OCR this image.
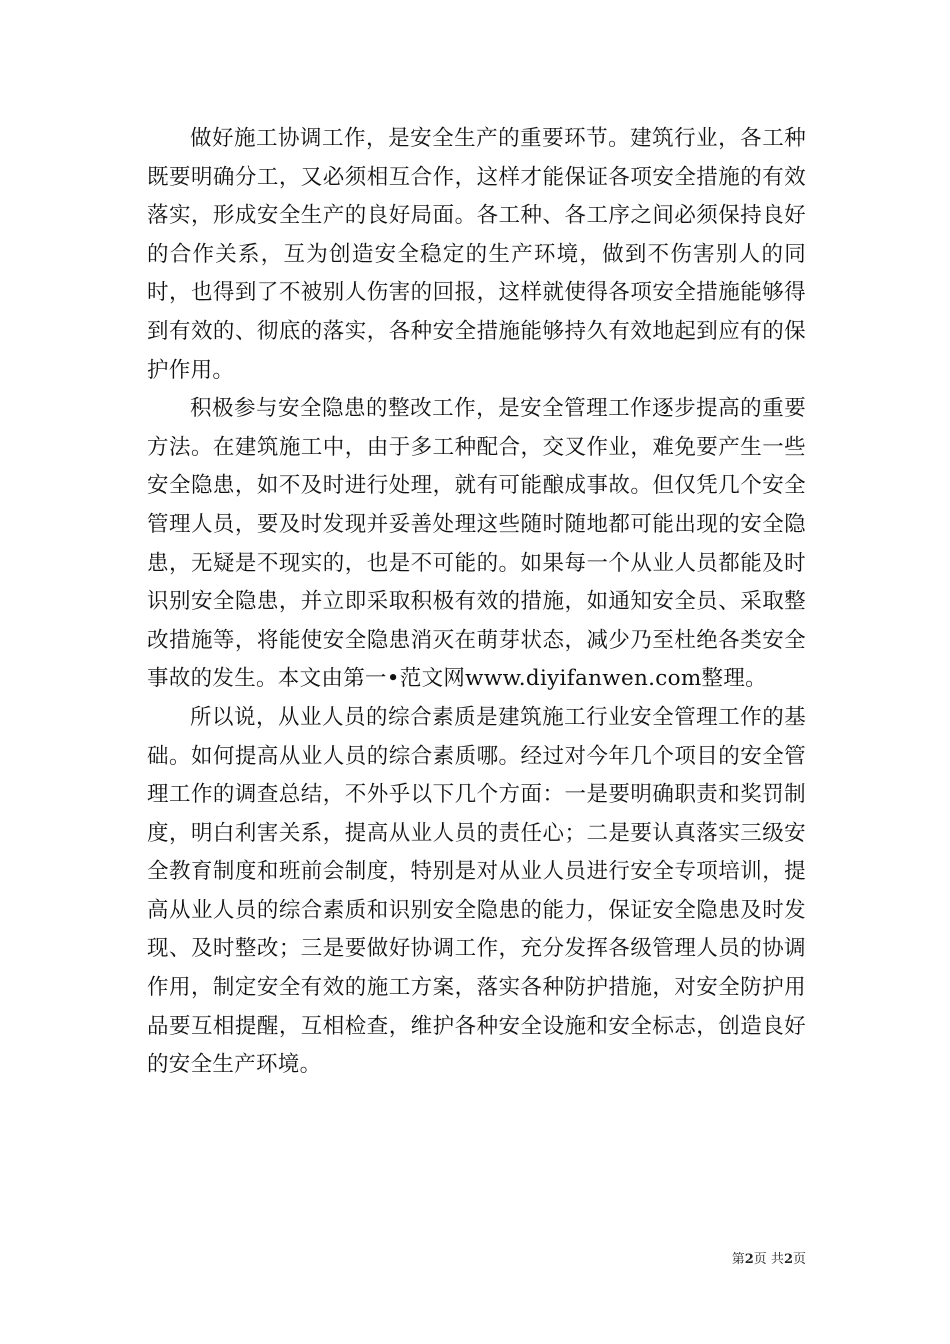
做好施工协调工作，是安全生产的重要环节。建筑行业，各工种既要明确分工，又必须相互合作，这样才能保证各项安全措施的有效落实，形成安全生产的良好局面。各工种、各工序之间必须保持良好的合作关系，互为创造安全稳定的生产环境，做到不伤害别人的同时，也得到了不被别人伤害的回报，这样就使得各项安全措施能够得到有效的、彻底的落实，各种安全措施能够持久有效地起到应有的保护作用。

积极参与安全隐患的整改工作，是安全管理工作逐步提高的重要方法。在建筑施工中，由于多工种配合，交叉作业，难免要产生一些安全隐患，如不及时进行处理，就有可能酿成事故。但仅凭几个安全管理人员，要及时发现并妥善处理这些随时随地都可能出现的安全隐患，无疑是不现实的，也是不可能的。如果每一个从业人员都能及时识别安全隐患，并立即采取积极有效的措施，如通知安全员、采取整改措施等，将能使安全隐患消灭在萌芽状态，减少乃至杜绝各类安全事故的发生。本文由第一•范文网www.diyifanwen.com整理。

所以说，从业人员的综合素质是建筑施工行业安全管理工作的基础。如何提高从业人员的综合素质哪。经过对今年几个项目的安全管理工作的调查总结，不外乎以下几个方面：一是要明确职责和奖罚制度，明白利害关系，提高从业人员的责任心；二是要认真落实三级安全教育制度和班前会制度，特别是对从业人员进行安全专项培训，提高从业人员的综合素质和识别安全隐患的能力，保证安全隐患及时发现、及时整改；三是要做好协调工作，充分发挥各级管理人员的协调作用，制定安全有效的施工方案，落实各种防护措施，对安全防护用品要互相提醒，互相检查，维护各种安全设施和安全标志，创造良好的安全生产环境。

第2页 共2页
